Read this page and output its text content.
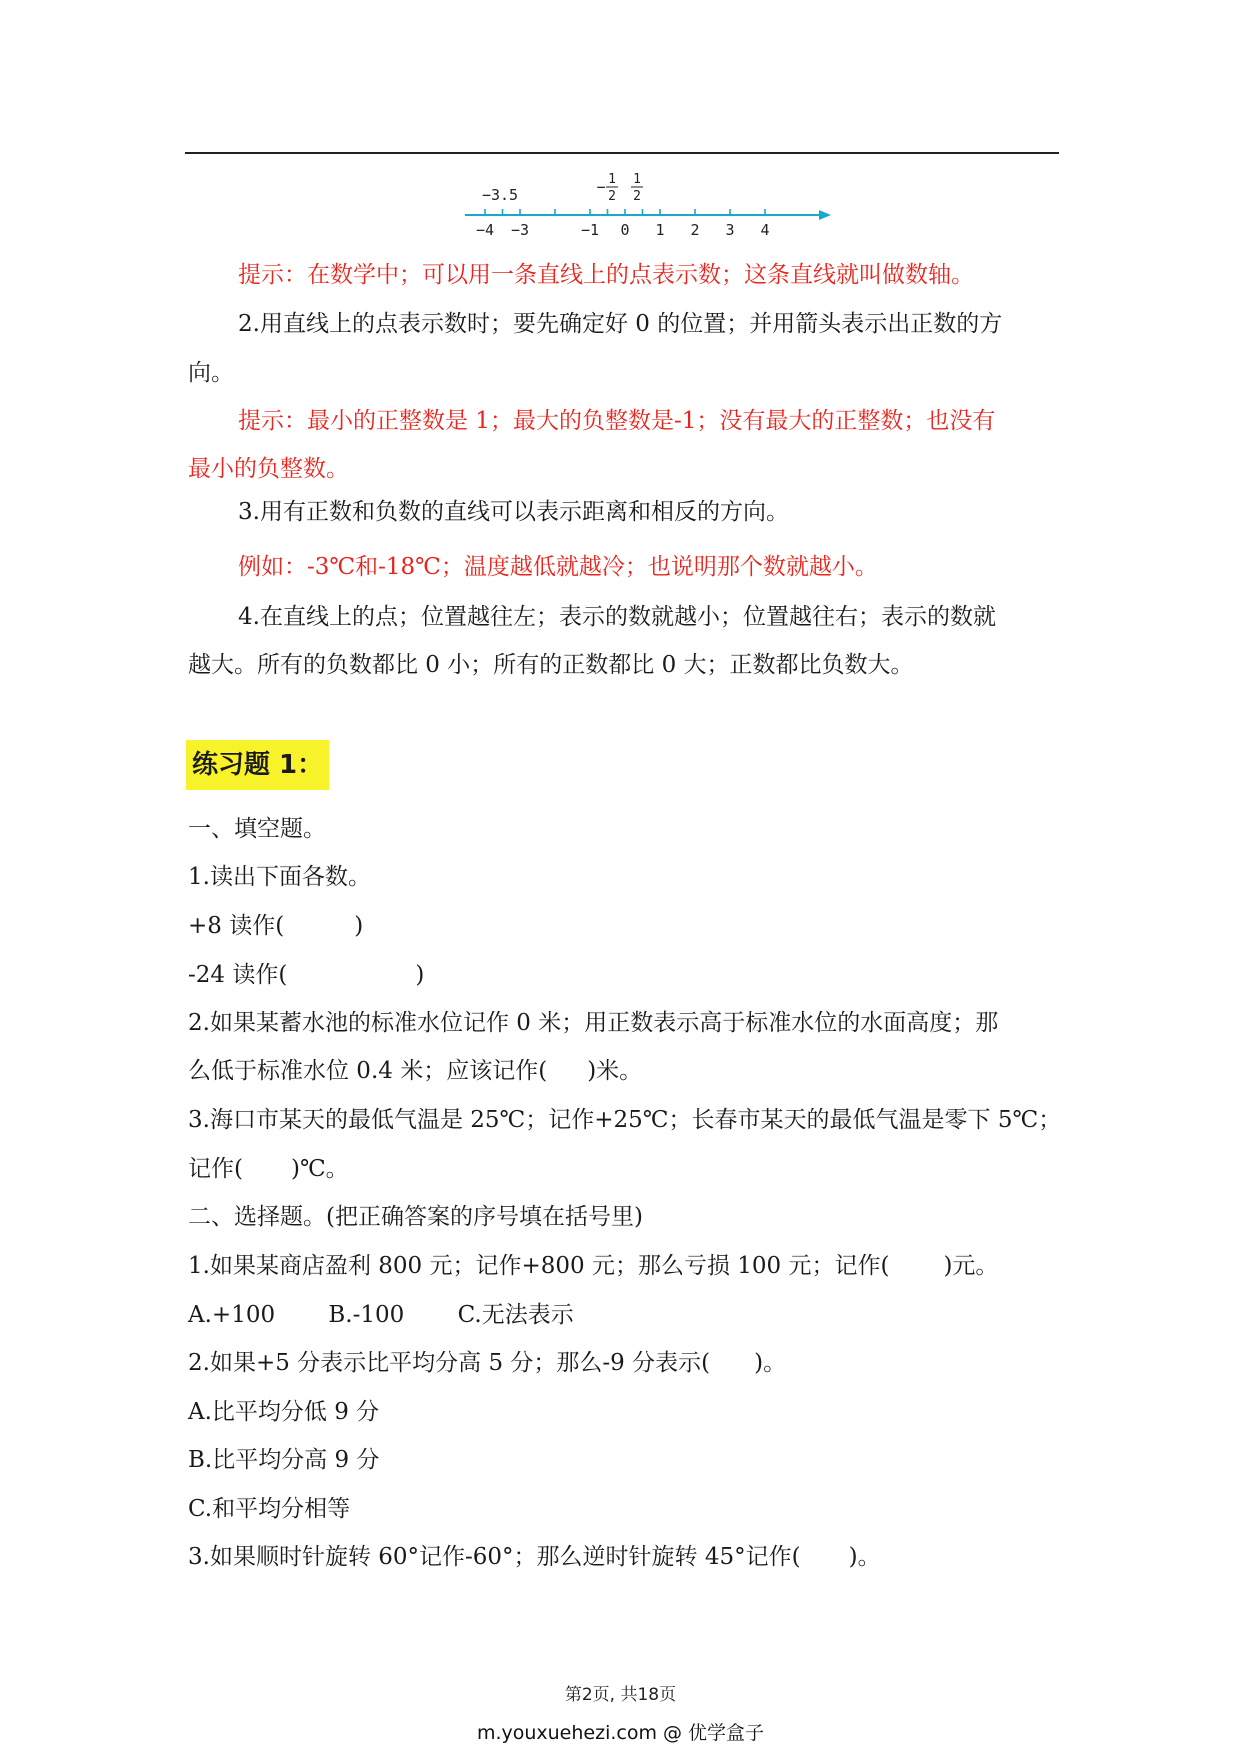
−4 −3	−1 0 1 2 3 4
−3.5	− 1
2
1
2
提示：在数学中；可以用一条直线上的点表示数；这条直线就叫做数轴。
2.用直线上的点表示数时；要先确定好 0 的位置；并用箭头表示出正数的方
向。
提示：最小的正整数是 1；最大的负整数是-1；没有最大的正整数；也没有
最小的负整数。
3.用有正数和负数的直线可以表示距离和相反的方向。
例如：-3℃和-18℃；温度越低就越冷；也说明那个数就越小。
4.在直线上的点；位置越往左；表示的数就越小；位置越往右；表示的数就
越大。所有的负数都比 0 小；所有的正数都比 0 大；正数都比负数大。
练习题 1：
一、填空题。
1.读出下面各数。
+8 读作(	)
-24 读作(	)
2.如果某蓄水池的标准水位记作 0 米；用正数表示高于标准水位的水面高度；那
么低于标准水位 0.4 米；应该记作( )米。
3.海口市某天的最低气温是 25℃；记作+25℃；长春市某天的最低气温是零下 5℃；
记作( )℃。
二、选择题。(把正确答案的序号填在括号里)
1.如果某商店盈利 800 元；记作+800 元；那么亏损 100 元；记作( )元。
A.+100 B.-100 C.无法表示
2.如果+5 分表示比平均分高 5 分；那么-9 分表示( )。
A.比平均分低 9 分
B.比平均分高 9 分
C.和平均分相等
3.如果顺时针旋转 60°记作-60°；那么逆时针旋转 45°记作( )。
第2页, 共18页
m.youxuehezi.com @ 优学盒子
